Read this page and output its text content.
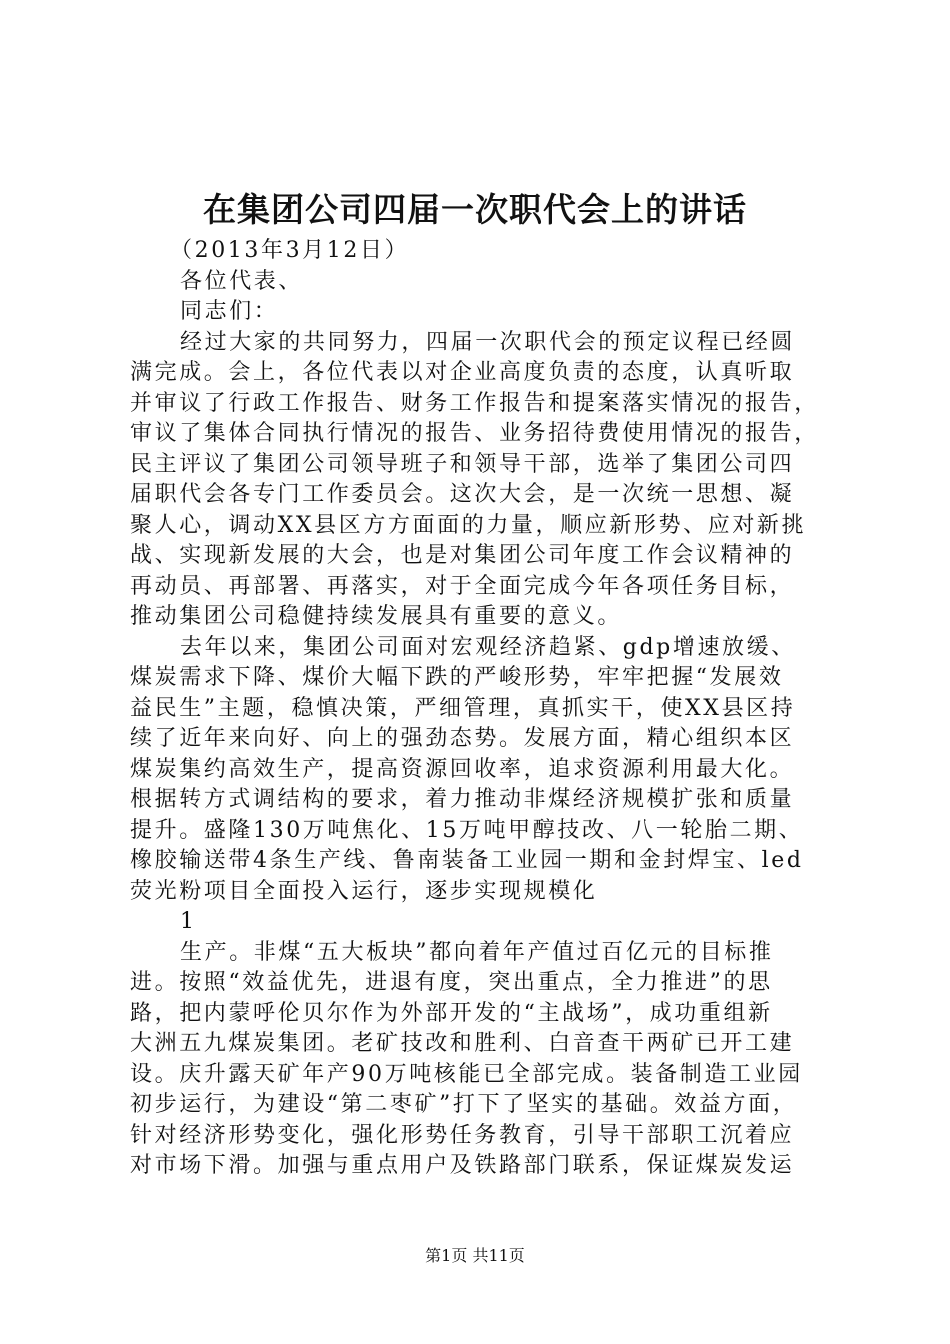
在集团公司四届一次职代会上的讲话
（2013年3月12日）
各位代表、
同志们：
经过大家的共同努力，四届一次职代会的预定议程已经圆
满完成。会上，各位代表以对企业高度负责的态度，认真听取
并审议了行政工作报告、财务工作报告和提案落实情况的报告，
审议了集体合同执行情况的报告、业务招待费使用情况的报告，
民主评议了集团公司领导班子和领导干部，选举了集团公司四
届职代会各专门工作委员会。这次大会，是一次统一思想、凝
聚人心，调动XX县区方方面面的力量，顺应新形势、应对新挑
战、实现新发展的大会，也是对集团公司年度工作会议精神的
再动员、再部署、再落实，对于全面完成今年各项任务目标，
推动集团公司稳健持续发展具有重要的意义。
去年以来，集团公司面对宏观经济趋紧、gdp增速放缓、
煤炭需求下降、煤价大幅下跌的严峻形势，牢牢把握“发展效
益民生”主题，稳慎决策，严细管理，真抓实干，使XX县区持
续了近年来向好、向上的强劲态势。发展方面，精心组织本区
煤炭集约高效生产，提高资源回收率，追求资源利用最大化。
根据转方式调结构的要求，着力推动非煤经济规模扩张和质量
提升。盛隆130万吨焦化、15万吨甲醇技改、八一轮胎二期、
橡胶输送带4条生产线、鲁南装备工业园一期和金封焊宝、led
荧光粉项目全面投入运行，逐步实现规模化
1
生产。非煤“五大板块”都向着年产值过百亿元的目标推
进。按照“效益优先，进退有度，突出重点，全力推进”的思
路，把内蒙呼伦贝尔作为外部开发的“主战场”，成功重组新
大洲五九煤炭集团。老矿技改和胜利、白音查干两矿已开工建
设。庆升露天矿年产90万吨核能已全部完成。装备制造工业园
初步运行，为建设“第二枣矿”打下了坚实的基础。效益方面，
针对经济形势变化，强化形势任务教育，引导干部职工沉着应
对市场下滑。加强与重点用户及铁路部门联系，保证煤炭发运
第1页 共11页
